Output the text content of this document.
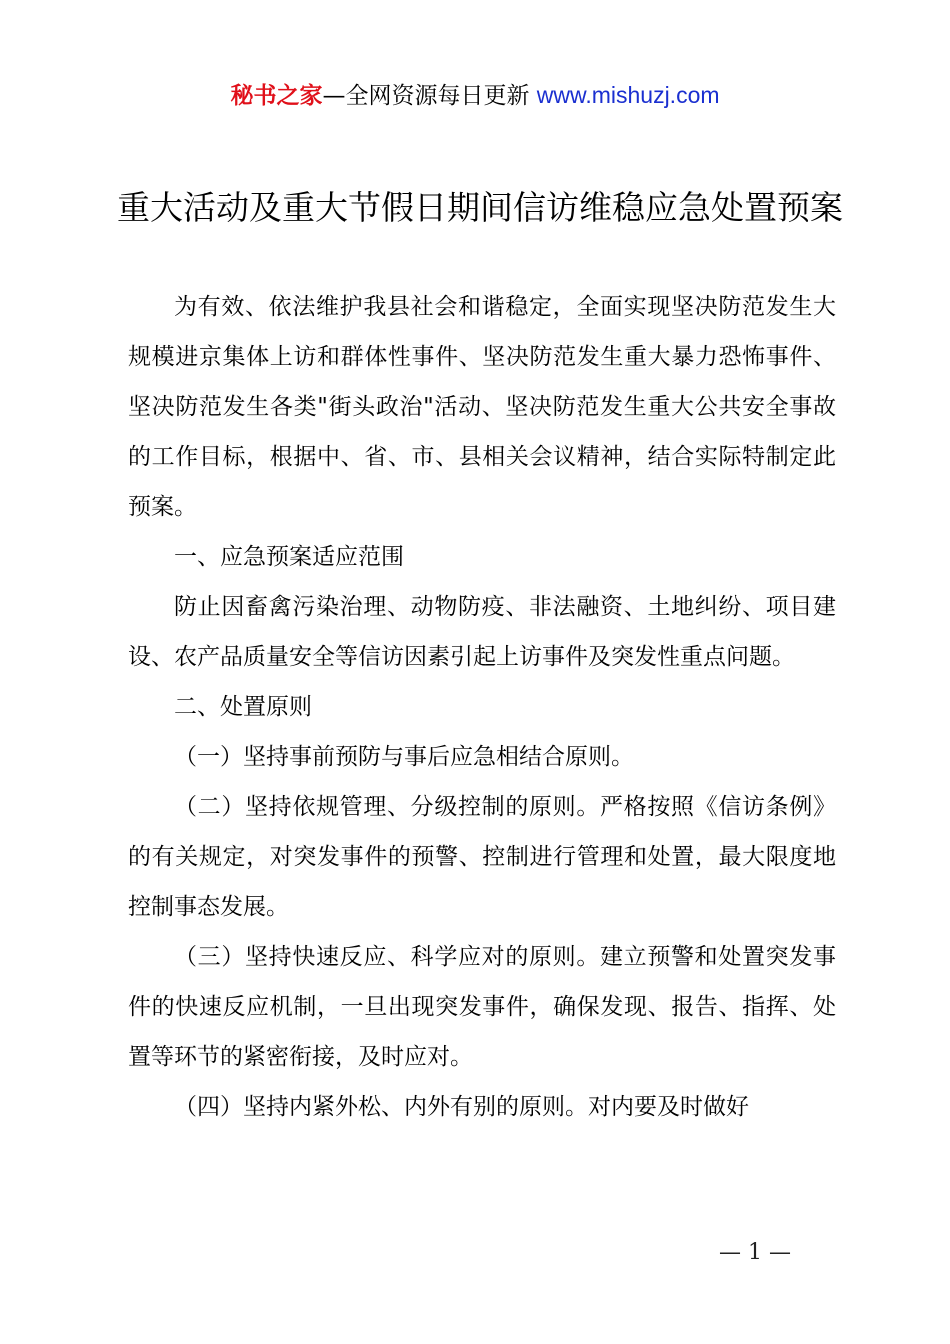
秘书之家—全网资源每日更新 www.mishuzj.com
重大活动及重大节假日期间信访维稳应急处置预案

为有效、依法维护我县社会和谐稳定，全面实现坚决防范发生大规模进京集体上访和群体性事件、坚决防范发生重大暴力恐怖事件、坚决防范发生各类"街头政治"活动、坚决防范发生重大公共安全事故的工作目标，根据中、省、市、县相关会议精神，结合实际特制定此预案。

一、应急预案适应范围

防止因畜禽污染治理、动物防疫、非法融资、土地纠纷、项目建设、农产品质量安全等信访因素引起上访事件及突发性重点问题。

二、处置原则

（一）坚持事前预防与事后应急相结合原则。

（二）坚持依规管理、分级控制的原则。严格按照《信访条例》的有关规定，对突发事件的预警、控制进行管理和处置，最大限度地控制事态发展。

（三）坚持快速反应、科学应对的原则。建立预警和处置突发事件的快速反应机制，一旦出现突发事件，确保发现、报告、指挥、处置等环节的紧密衔接，及时应对。

（四）坚持内紧外松、内外有别的原则。对内要及时做好

— 1 —
